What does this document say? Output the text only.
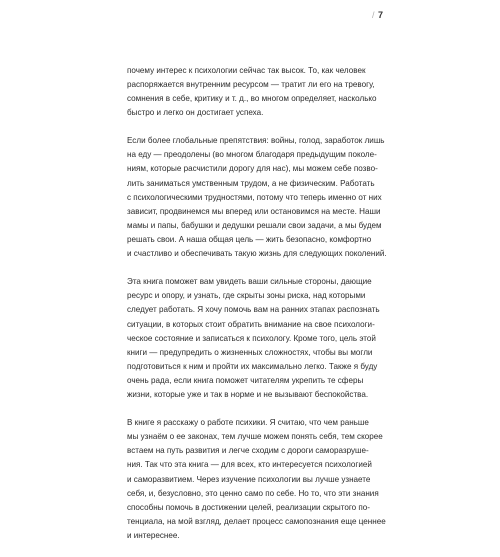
/ 7

почему интерес к психологии сейчас так высок. То, как человек
распоряжается внутренним ресурсом — тратит ли его на тревогу,
сомнения в себе, критику и т. д., во многом определяет, насколько
быстро и легко он достигает успеха.

Если более глобальные препятствия: войны, голод, заработок лишь
на еду — преодолены (во многом благодаря предыдущим поколе-
ниям, которые расчистили дорогу для нас), мы можем себе позво-
лить заниматься умственным трудом, а не физическим. Работать
с психологическими трудностями, потому что теперь именно от них
зависит, продвинемся мы вперед или остановимся на месте. Наши
мамы и папы, бабушки и дедушки решали свои задачи, а мы будем
решать свои. А наша общая цель — жить безопасно, комфортно
и счастливо и обеспечивать такую жизнь для следующих поколений.

Эта книга поможет вам увидеть ваши сильные стороны, дающие
ресурс и опору, и узнать, где скрыты зоны риска, над которыми
следует работать. Я хочу помочь вам на ранних этапах распознать
ситуации, в которых стоит обратить внимание на свое психологи-
ческое состояние и записаться к психологу. Кроме того, цель этой
книги — предупредить о жизненных сложностях, чтобы вы могли
подготовиться к ним и пройти их максимально легко. Также я буду
очень рада, если книга поможет читателям укрепить те сферы
жизни, которые уже и так в норме и не вызывают беспокойства.

В книге я расскажу о работе психики. Я считаю, что чем раньше
мы узнаём о ее законах, тем лучше можем понять себя, тем скорее
встаем на путь развития и легче сходим с дороги саморазруше-
ния. Так что эта книга — для всех, кто интересуется психологией
и саморазвитием. Через изучение психологии вы лучше узнаете
себя, и, безусловно, это ценно само по себе. Но то, что эти знания
способны помочь в достижении целей, реализации скрытого по-
тенциала, на мой взгляд, делает процесс самопознания еще ценнее
и интереснее.
